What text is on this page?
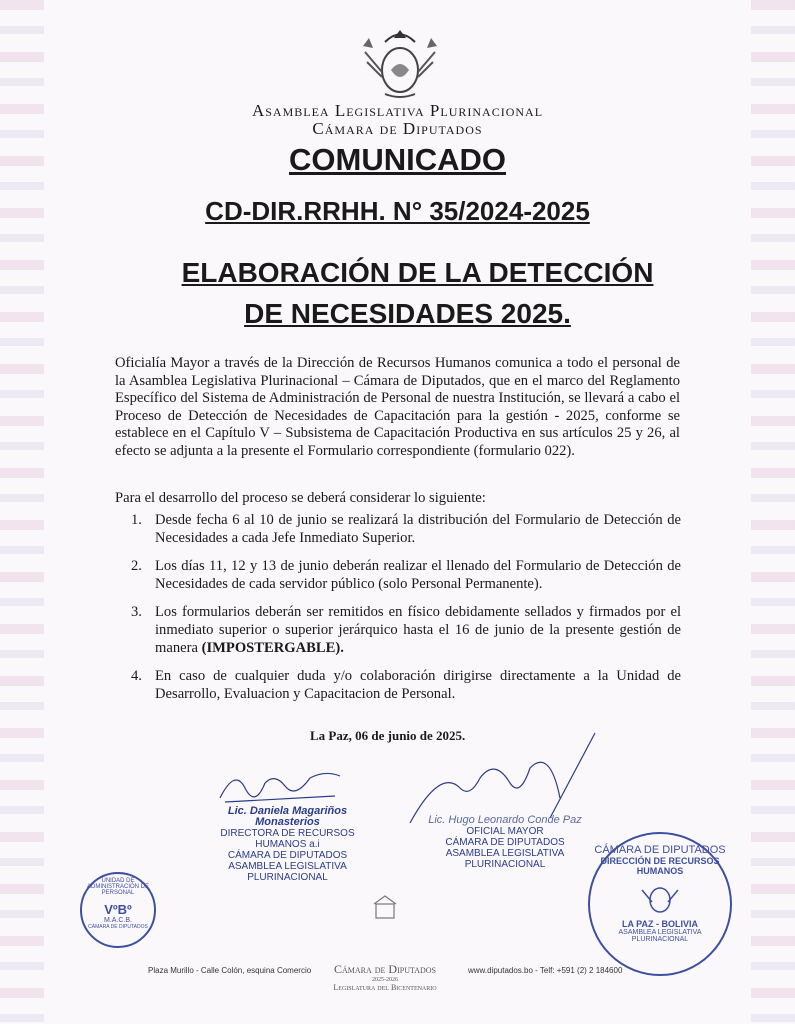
Asamblea Legislativa Plurinacional
Cámara de Diputados
COMUNICADO
CD-DIR.RRHH. N° 35/2024-2025
ELABORACIÓN DE LA DETECCIÓN
DE NECESIDADES 2025.
Oficialía Mayor a través de la Dirección de Recursos Humanos comunica a todo el personal de la Asamblea Legislativa Plurinacional – Cámara de Diputados, que en el marco del Reglamento Específico del Sistema de Administración de Personal de nuestra Institución, se llevará a cabo el Proceso de Detección de Necesidades de Capacitación para la gestión - 2025, conforme se establece en el Capítulo V – Subsistema de Capacitación Productiva en sus artículos 25 y 26, al efecto se adjunta a la presente el Formulario correspondiente (formulario 022).
Para el desarrollo del proceso se deberá considerar lo siguiente:
1. Desde fecha 6 al 10 de junio se realizará la distribución del Formulario de Detección de Necesidades a cada Jefe Inmediato Superior.
2. Los días 11, 12 y 13 de junio deberán realizar el llenado del Formulario de Detección de Necesidades de cada servidor público (solo Personal Permanente).
3. Los formularios deberán ser remitidos en físico debidamente sellados y firmados por el inmediato superior o superior jerárquico hasta el 16 de junio de la presente gestión de manera (IMPOSTERGABLE).
4. En caso de cualquier duda y/o colaboración dirigirse directamente a la Unidad de Desarrollo, Evaluacion y Capacitacion de Personal.
La Paz, 06 de junio de 2025.
Lic. Daniela Magariños Monasterios
DIRECTORA DE RECURSOS HUMANOS a.i
CÁMARA DE DIPUTADOS
ASAMBLEA LEGISLATIVA PLURINACIONAL
Lic. Hugo Leonardo Conde Paz
OFICIAL MAYOR
CÁMARA DE DIPUTADOS
ASAMBLEA LEGISLATIVA PLURINACIONAL
UNIDAD DE ADMINISTRACIÓN DE PERSONAL
VºBº
M.A.C.B.
CÁMARA DE DIPUTADOS
CÁMARA DE DIPUTADOS
DIRECCIÓN DE RECURSOS HUMANOS
LA PAZ - BOLIVIA
ASAMBLEA LEGISLATIVA PLURINACIONAL
Cámara de Diputados
2025-2026
Legislatura del Bicentenario
Plaza Murillo - Calle Colón, esquina Comercio	www.diputados.bo - Telf: +591 (2) 2 184600
